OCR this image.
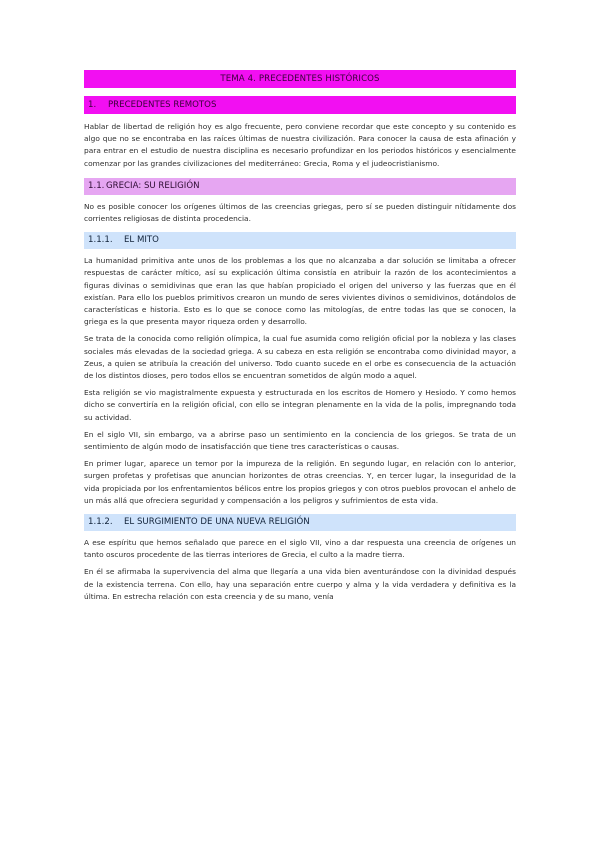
TEMA 4. PRECEDENTES HISTÓRICOS
1. PRECEDENTES REMOTOS

Hablar de libertad de religión hoy es algo frecuente, pero conviene recordar que este concepto y su contenido es algo que no se encontraba en las raíces últimas de nuestra civilización. Para conocer la causa de esta afinación y para entrar en el estudio de nuestra disciplina es necesario profundizar en los periodos históricos y esencialmente comenzar por las grandes civilizaciones del mediterráneo: Grecia, Roma y el judeocristianismo.

1.1. GRECIA: SU RELIGIÓN

No es posible conocer los orígenes últimos de las creencias griegas, pero sí se pueden distinguir nítidamente dos corrientes religiosas de distinta procedencia.

1.1.1. EL MITO

La humanidad primitiva ante unos de los problemas a los que no alcanzaba a dar solución se limitaba a ofrecer respuestas de carácter mítico, así su explicación última consistía en atribuir la razón de los acontecimientos a figuras divinas o semidivinas que eran las que habían propiciado el origen del universo y las fuerzas que en él existían. Para ello los pueblos primitivos crearon un mundo de seres vivientes divinos o semidivinos, dotándolos de características e historia. Esto es lo que se conoce como las mitologías, de entre todas las que se conocen, la griega es la que presenta mayor riqueza orden y desarrollo.

Se trata de la conocida como religión olímpica, la cual fue asumida como religión oficial por la nobleza y las clases sociales más elevadas de la sociedad griega. A su cabeza en esta religión se encontraba como divinidad mayor, a Zeus, a quien se atribuía la creación del universo. Todo cuanto sucede en el orbe es consecuencia de la actuación de los distintos dioses, pero todos ellos se encuentran sometidos de algún modo a aquel.

Esta religión se vio magistralmente expuesta y estructurada en los escritos de Homero y Hesiodo. Y como hemos dicho se convertiría en la religión oficial, con ello se integran plenamente en la vida de la polis, impregnando toda su actividad.

En el siglo VII, sin embargo, va a abrirse paso un sentimiento en la conciencia de los griegos. Se trata de un sentimiento de algún modo de insatisfacción que tiene tres características o causas.

En primer lugar, aparece un temor por la impureza de la religión. En segundo lugar, en relación con lo anterior, surgen profetas y profetisas que anuncian horizontes de otras creencias. Y, en tercer lugar, la inseguridad de la vida propiciada por los enfrentamientos bélicos entre los propios griegos y con otros pueblos provocan el anhelo de un más allá que ofreciera seguridad y compensación a los peligros y sufrimientos de esta vida.

1.1.2. EL SURGIMIENTO DE UNA NUEVA RELIGIÓN

A ese espíritu que hemos señalado que parece en el siglo VII, vino a dar respuesta una creencia de orígenes un tanto oscuros procedente de las tierras interiores de Grecia, el culto a la madre tierra.

En él se afirmaba la supervivencia del alma que llegaría a una vida bien aventurándose con la divinidad después de la existencia terrena. Con ello, hay una separación entre cuerpo y alma y la vida verdadera y definitiva es la última. En estrecha relación con esta creencia y de su mano, venía
